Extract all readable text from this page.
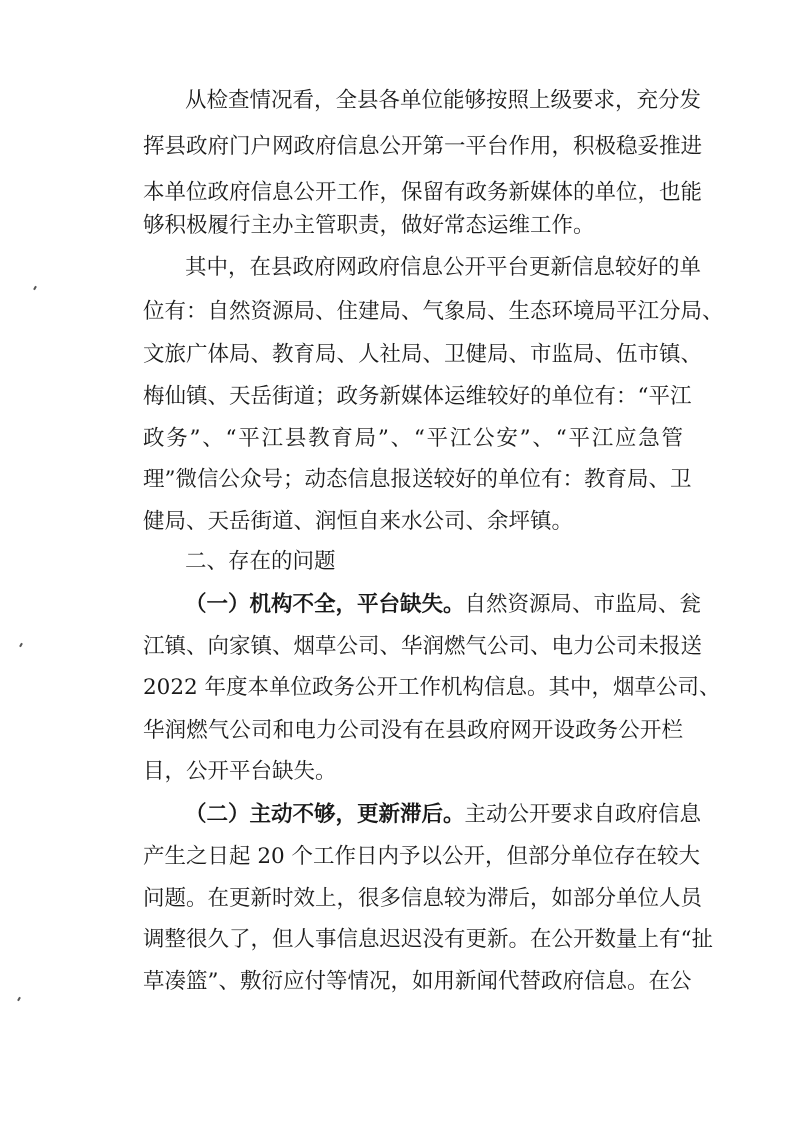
从检查情况看，全县各单位能够按照上级要求，充分发
挥县政府门户网政府信息公开第一平台作用，积极稳妥推进
本单位政府信息公开工作，保留有政务新媒体的单位，也能
够积极履行主办主管职责，做好常态运维工作。
其中，在县政府网政府信息公开平台更新信息较好的单
位有：自然资源局、住建局、气象局、生态环境局平江分局、
文旅广体局、教育局、人社局、卫健局、市监局、伍市镇、
梅仙镇、天岳街道；政务新媒体运维较好的单位有：“平江
政务”、“平江县教育局”、“平江公安”、“平江应急管
理”微信公众号；动态信息报送较好的单位有：教育局、卫
健局、天岳街道、润恒自来水公司、余坪镇。
二、存在的问题
（一）机构不全，平台缺失。自然资源局、市监局、瓮
江镇、向家镇、烟草公司、华润燃气公司、电力公司未报送
2022 年度本单位政务公开工作机构信息。其中，烟草公司、
华润燃气公司和电力公司没有在县政府网开设政务公开栏
目，公开平台缺失。
（二）主动不够，更新滞后。主动公开要求自政府信息
产生之日起 20 个工作日内予以公开，但部分单位存在较大
问题。在更新时效上，很多信息较为滞后，如部分单位人员
调整很久了，但人事信息迟迟没有更新。在公开数量上有“扯
草凑篮”、敷衍应付等情况，如用新闻代替政府信息。在公
